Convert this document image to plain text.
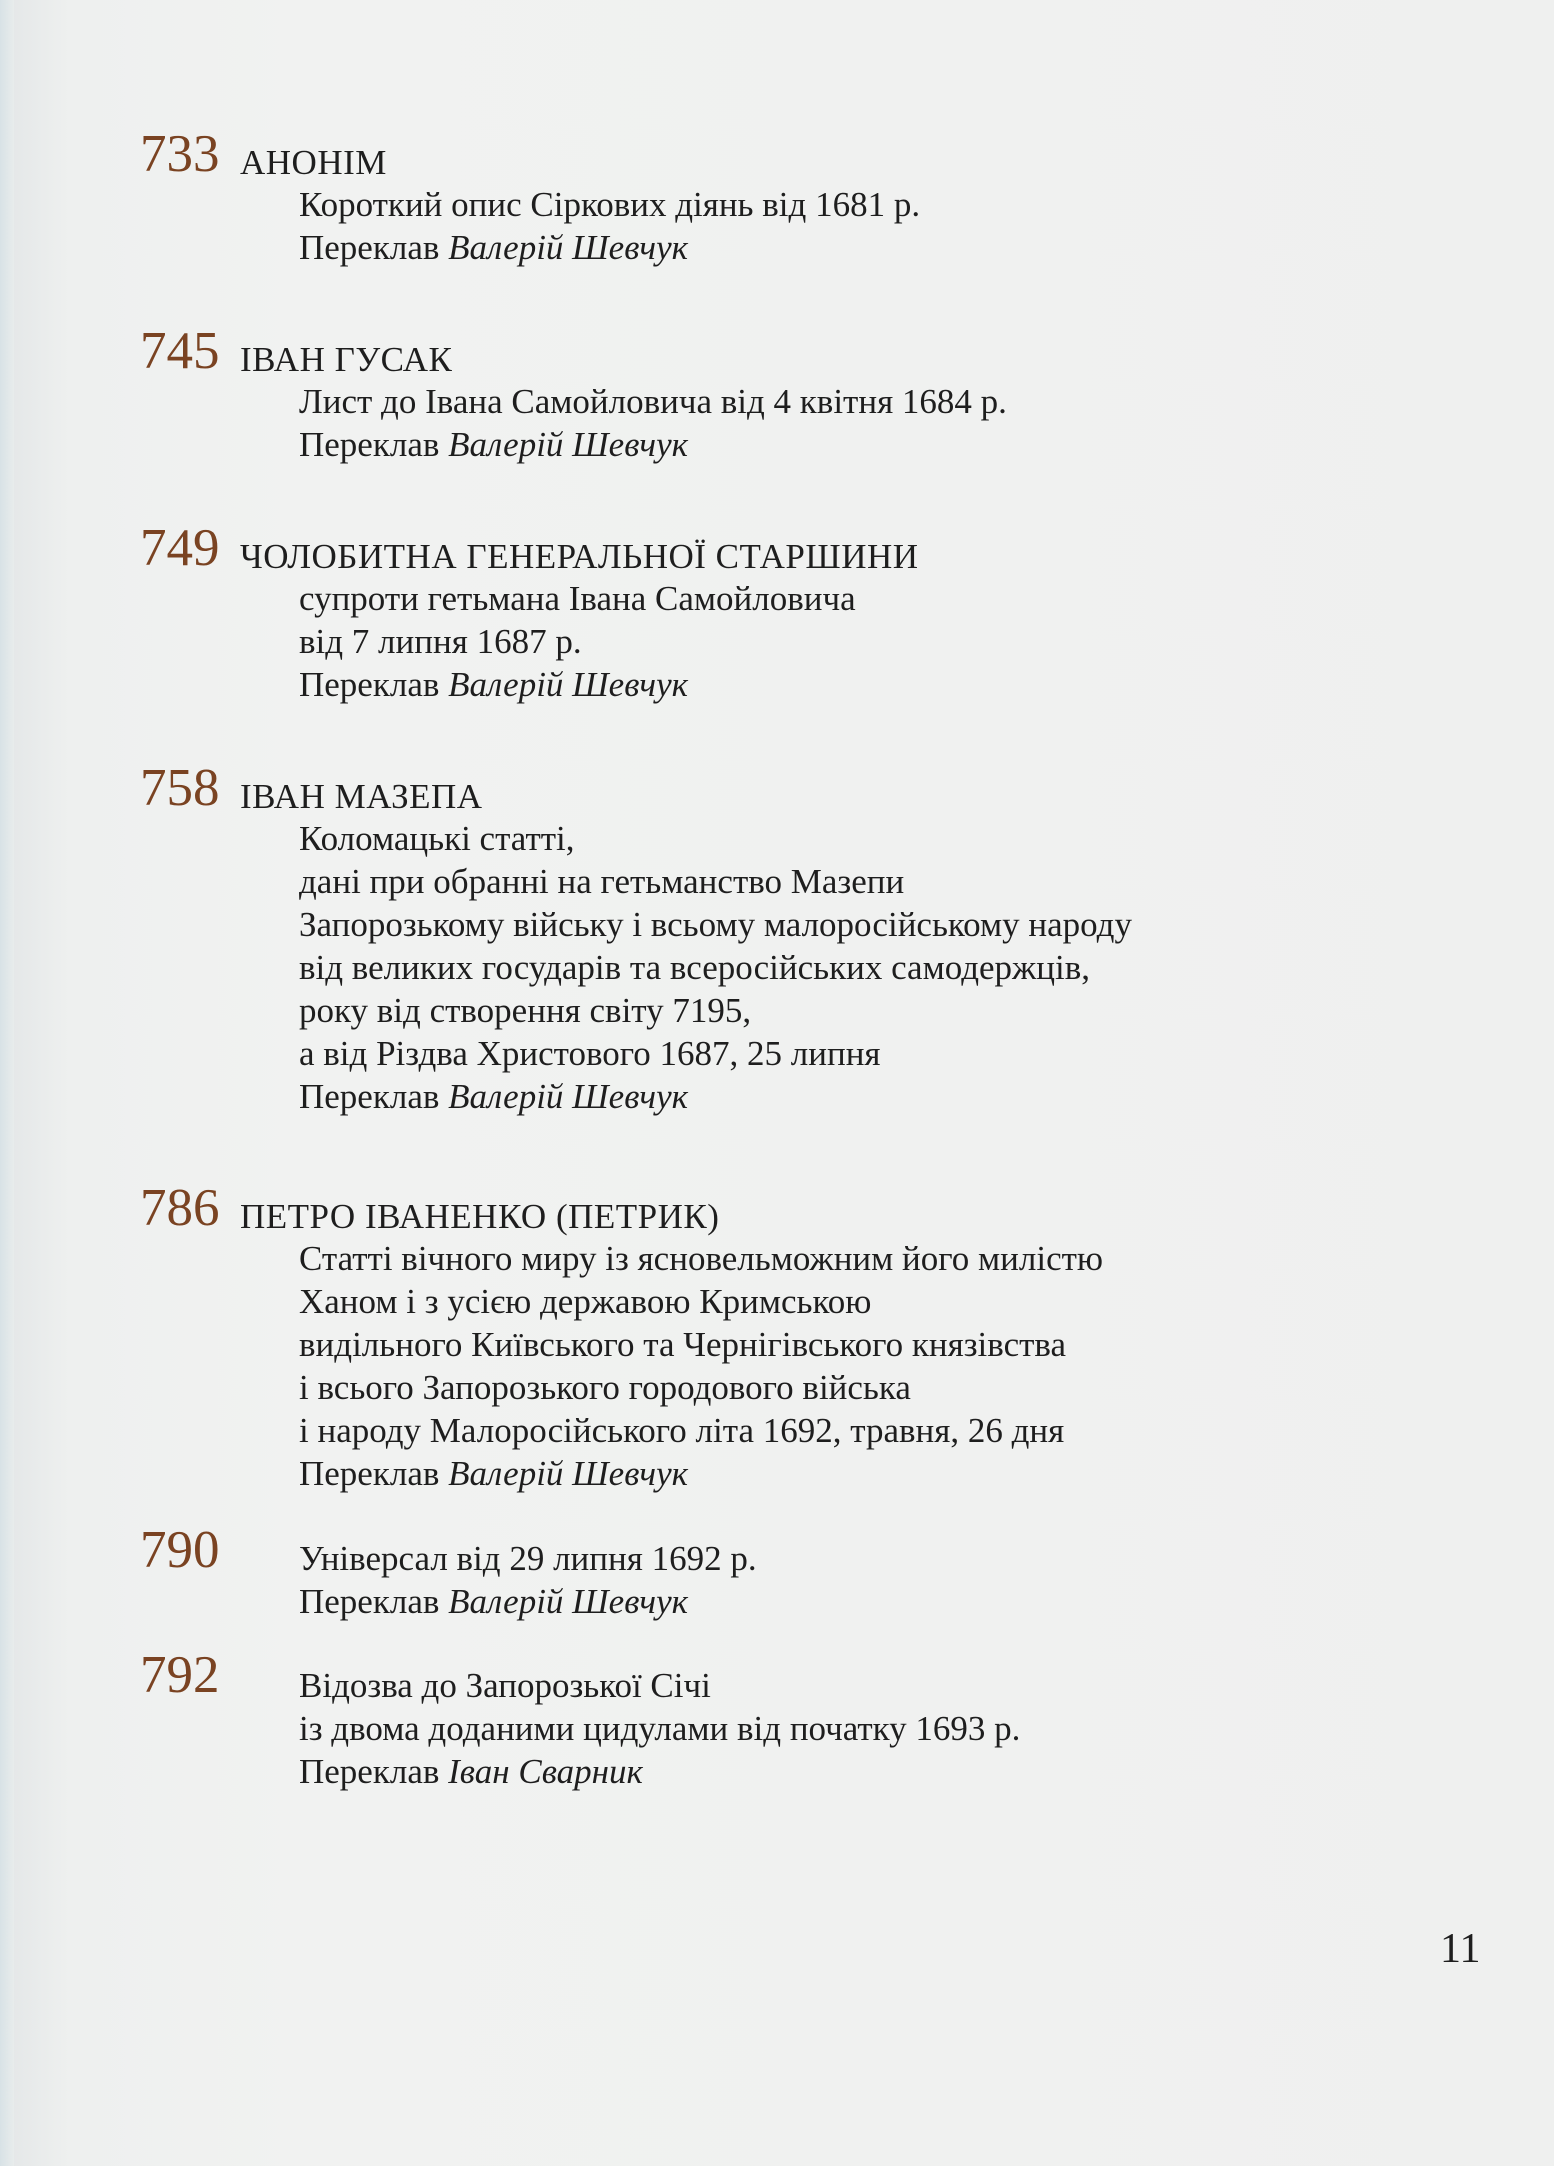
733 АНОНІМ
Короткий опис Сіркових діянь від 1681 р.
Переклав Валерій Шевчук
745 ІВАН ГУСАК
Лист до Івана Самойловича від 4 квітня 1684 р.
Переклав Валерій Шевчук
749 ЧОЛОБИТНА ГЕНЕРАЛЬНОЇ СТАРШИНИ
супроти гетьмана Івана Самойловича
від 7 липня 1687 р.
Переклав Валерій Шевчук
758 ІВАН МАЗЕПА
Коломацькі статті,
дані при обранні на гетьманство Мазепи
Запорозькому війську і всьому малоросійському народу
від великих государів та всеросійських самодержців,
року від створення світу 7195,
а від Різдва Христового 1687, 25 липня
Переклав Валерій Шевчук
786 ПЕТРО ІВАНЕНКО (ПЕТРИК)
Статті вічного миру із ясновельможним його милістю
Ханом і з усією державою Кримською
видільного Київського та Чернігівського князівства
і всього Запорозького городового війська
і народу Малоросійського літа 1692, травня, 26 дня
Переклав Валерій Шевчук
790 Універсал від 29 липня 1692 р.
Переклав Валерій Шевчук
792 Відозва до Запорозької Січі
із двома доданими цидулами від початку 1693 р.
Переклав Іван Сварник
11
